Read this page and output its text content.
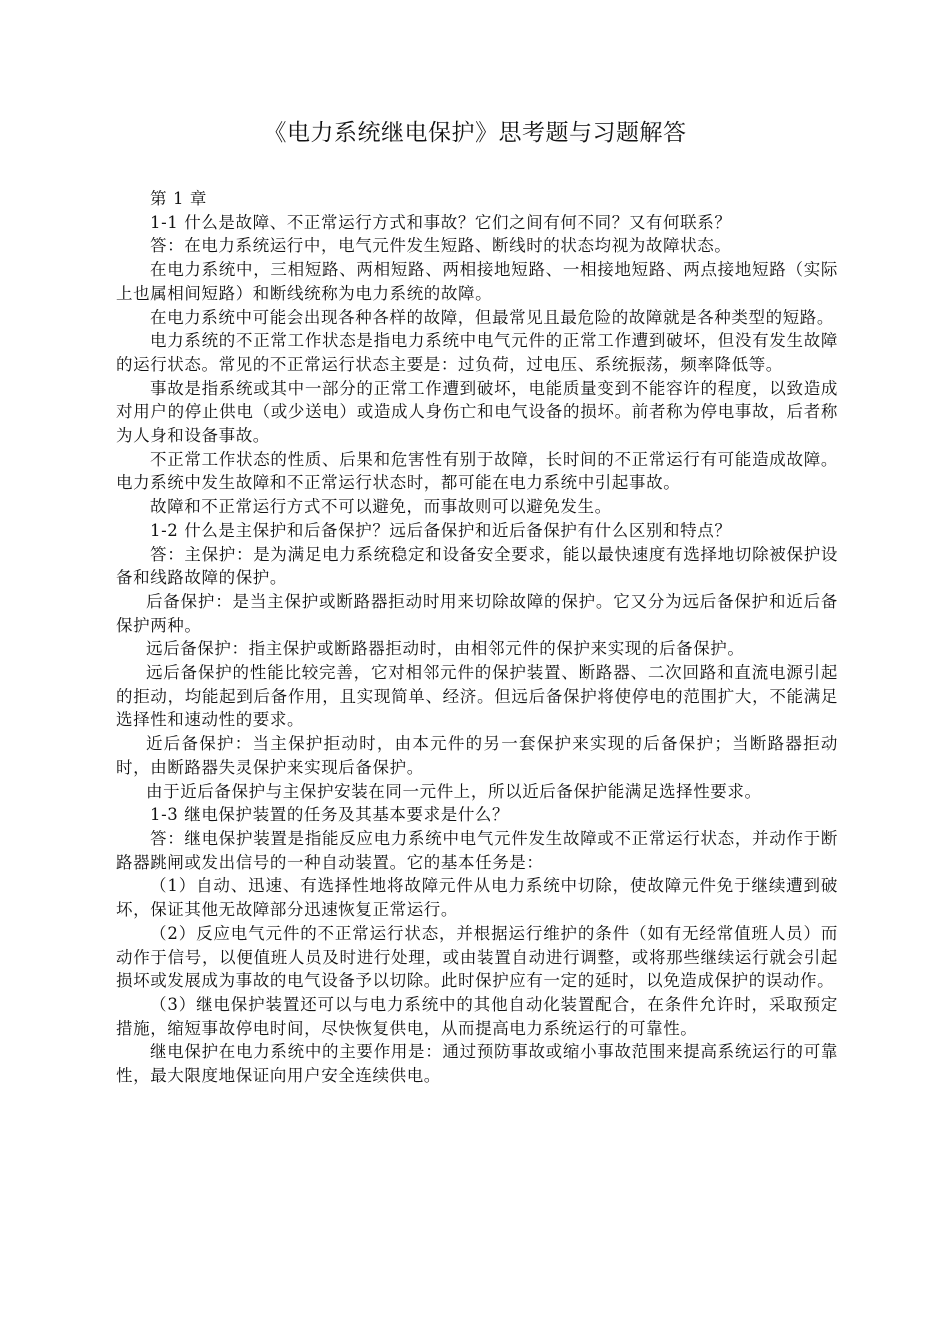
《电力系统继电保护》思考题与习题解答

第 1 章

1-1 什么是故障、不正常运行方式和事故？它们之间有何不同？又有何联系？

答：在电力系统运行中，电气元件发生短路、断线时的状态均视为故障状态。

在电力系统中，三相短路、两相短路、两相接地短路、一相接地短路、两点接地短路（实际上也属相间短路）和断线统称为电力系统的故障。

在电力系统中可能会出现各种各样的故障，但最常见且最危险的故障就是各种类型的短路。

电力系统的不正常工作状态是指电力系统中电气元件的正常工作遭到破坏，但没有发生故障的运行状态。常见的不正常运行状态主要是：过负荷，过电压、系统振荡，频率降低等。

事故是指系统或其中一部分的正常工作遭到破坏，电能质量变到不能容许的程度，以致造成对用户的停止供电（或少送电）或造成人身伤亡和电气设备的损坏。前者称为停电事故，后者称为人身和设备事故。

不正常工作状态的性质、后果和危害性有别于故障，长时间的不正常运行有可能造成故障。电力系统中发生故障和不正常运行状态时，都可能在电力系统中引起事故。

故障和不正常运行方式不可以避免，而事故则可以避免发生。

1-2 什么是主保护和后备保护？远后备保护和近后备保护有什么区别和特点？

答：主保护：是为满足电力系统稳定和设备安全要求，能以最快速度有选择地切除被保护设备和线路故障的保护。

后备保护：是当主保护或断路器拒动时用来切除故障的保护。它又分为远后备保护和近后备保护两种。

远后备保护：指主保护或断路器拒动时，由相邻元件的保护来实现的后备保护。

远后备保护的性能比较完善，它对相邻元件的保护装置、断路器、二次回路和直流电源引起的拒动，均能起到后备作用，且实现简单、经济。但远后备保护将使停电的范围扩大，不能满足选择性和速动性的要求。

近后备保护：当主保护拒动时，由本元件的另一套保护来实现的后备保护；当断路器拒动时，由断路器失灵保护来实现后备保护。

由于近后备保护与主保护安装在同一元件上，所以近后备保护能满足选择性要求。

1-3 继电保护装置的任务及其基本要求是什么？

答：继电保护装置是指能反应电力系统中电气元件发生故障或不正常运行状态，并动作于断路器跳闸或发出信号的一种自动装置。它的基本任务是：

（1）自动、迅速、有选择性地将故障元件从电力系统中切除，使故障元件免于继续遭到破坏，保证其他无故障部分迅速恢复正常运行。

（2）反应电气元件的不正常运行状态，并根据运行维护的条件（如有无经常值班人员）而动作于信号，以便值班人员及时进行处理，或由装置自动进行调整，或将那些继续运行就会引起损坏或发展成为事故的电气设备予以切除。此时保护应有一定的延时，以免造成保护的误动作。

（3）继电保护装置还可以与电力系统中的其他自动化装置配合，在条件允许时，采取预定措施，缩短事故停电时间，尽快恢复供电，从而提高电力系统运行的可靠性。

继电保护在电力系统中的主要作用是：通过预防事故或缩小事故范围来提高系统运行的可靠性，最大限度地保证向用户安全连续供电。
